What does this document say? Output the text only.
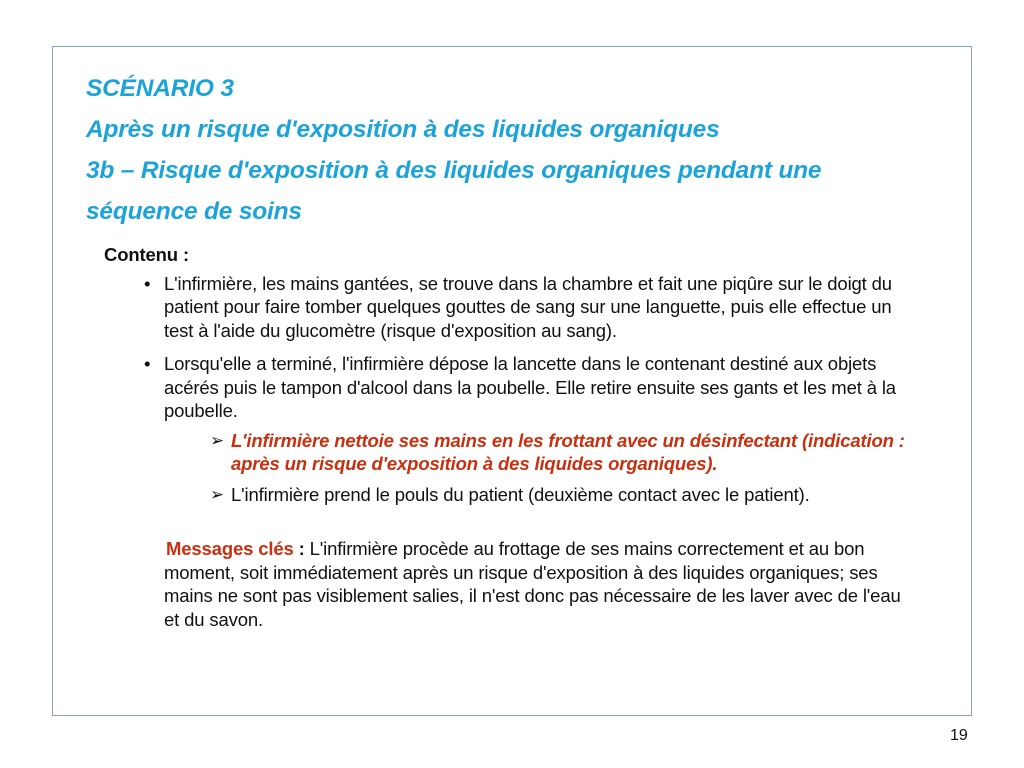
SCÉNARIO 3
Après un risque d'exposition à des liquides organiques
3b – Risque d'exposition à des liquides organiques pendant une
séquence de soins
Contenu :
• L'infirmière, les mains gantées, se trouve dans la chambre et fait une piqûre sur le doigt du patient pour faire tomber quelques gouttes de sang sur une languette, puis elle effectue un test à l'aide du glucomètre (risque d'exposition au sang).
• Lorsqu'elle a terminé, l'infirmière dépose la lancette dans le contenant destiné aux objets acérés puis le tampon d'alcool dans la poubelle. Elle retire ensuite ses gants et les met à la poubelle.
➢ L'infirmière nettoie ses mains en les frottant avec un désinfectant (indication : après un risque d'exposition à des liquides organiques).
➢ L'infirmière prend le pouls du patient (deuxième contact avec le patient).
Messages clés : L'infirmière procède au frottage de ses mains correctement et au bon moment, soit immédiatement après un risque d'exposition à des liquides organiques; ses mains ne sont pas visiblement salies, il n'est donc pas nécessaire de les laver avec de l'eau et du savon.
19
